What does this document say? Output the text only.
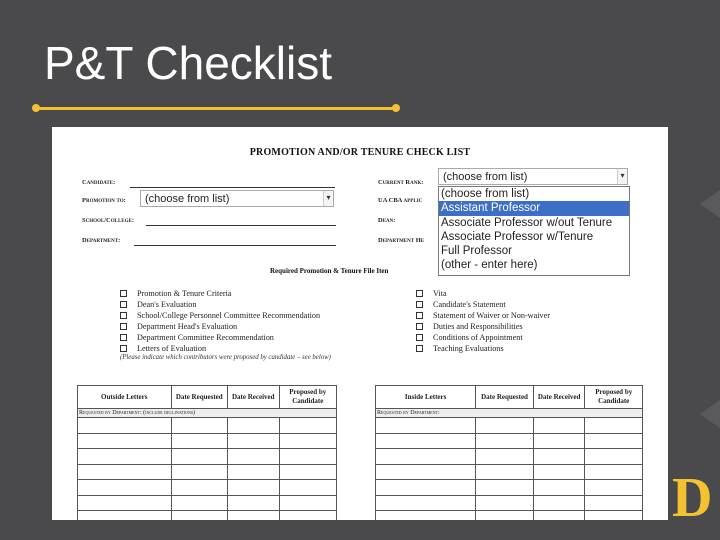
P&T Checklist
PROMOTION AND/OR TENURE CHECK LIST
Candidate:
Promotion to:	(choose from list)	▾
School/College:
Department:
Current Rank:	(choose from list)	▾
UA CBA applic
Dean:
Department He
(choose from list)
Assistant Professor
Associate Professor w/out Tenure
Associate Professor w/Tenure
Full Professor
(other - enter here)
Required Promotion & Tenure File Iten
Promotion & Tenure Criteria
Dean's Evaluation
School/College Personnel Committee Recommendation
Department Head's Evaluation
Department Committee Recommendation
Letters of Evaluation
Vita
Candidate's Statement
Statement of Waiver or Non-waiver
Duties and Responsibilities
Conditions of Appointment
Teaching Evaluations
(Please indicate which contributors were proposed by candidate – see below)
Outside Letters	Date Requested	Date Received	Proposed by Candidate
Requested by Department: (include declinations)			

Inside Letters	Date Requested	Date Received	Proposed by Candidate
Requested by Department:			

D
